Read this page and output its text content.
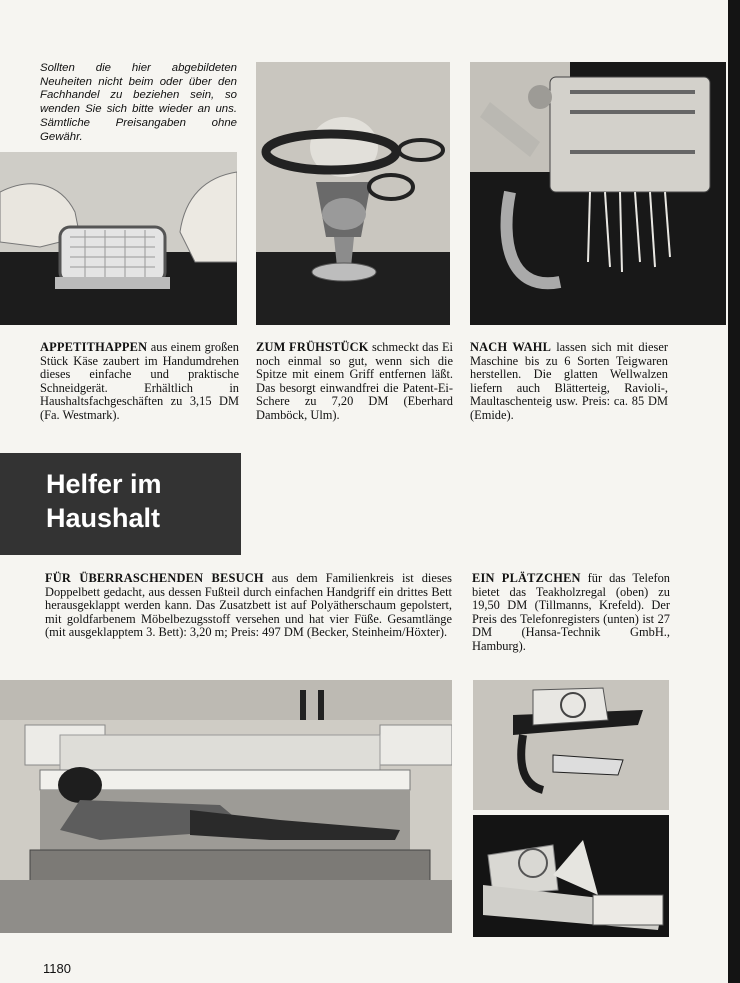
Sollten die hier abgebildeten Neuheiten nicht beim oder über den Fachhandel zu beziehen sein, so wenden Sie sich bitte wieder an uns. Sämtliche Preisangaben ohne Gewähr.
APPETITHAPPEN aus einem großen Stück Käse zaubert im Handumdrehen dieses einfache und praktische Schneidgerät. Erhältlich in Haushaltsfachgeschäften zu 3,15 DM (Fa. Westmark).
ZUM FRÜHSTÜCK schmeckt das Ei noch einmal so gut, wenn sich die Spitze mit einem Griff entfernen läßt. Das besorgt einwandfrei die Patent-Ei-Schere zu 7,20 DM (Eberhard Damböck, Ulm).
NACH WAHL lassen sich mit dieser Maschine bis zu 6 Sorten Teigwaren herstellen. Die glatten Wellwalzen liefern auch Blätterteig, Ravioli-, Maultaschenteig usw. Preis: ca. 85 DM (Emide).
Helfer im
Haushalt
FÜR ÜBERRASCHENDEN BESUCH aus dem Familienkreis ist dieses Doppelbett gedacht, aus dessen Fußteil durch einfachen Handgriff ein drittes Bett herausgeklappt werden kann. Das Zusatzbett ist auf Polyätherschaum gepolstert, mit goldfarbenem Möbelbezugsstoff versehen und hat vier Füße. Gesamtlänge (mit ausgeklapptem 3. Bett): 3,20 m; Preis: 497 DM (Becker, Steinheim/Höxter).
EIN PLÄTZCHEN für das Telefon bietet das Teakholzregal (oben) zu 19,50 DM (Tillmanns, Krefeld). Der Preis des Telefonregisters (unten) ist 27 DM (Hansa-Technik GmbH., Hamburg).
1180
